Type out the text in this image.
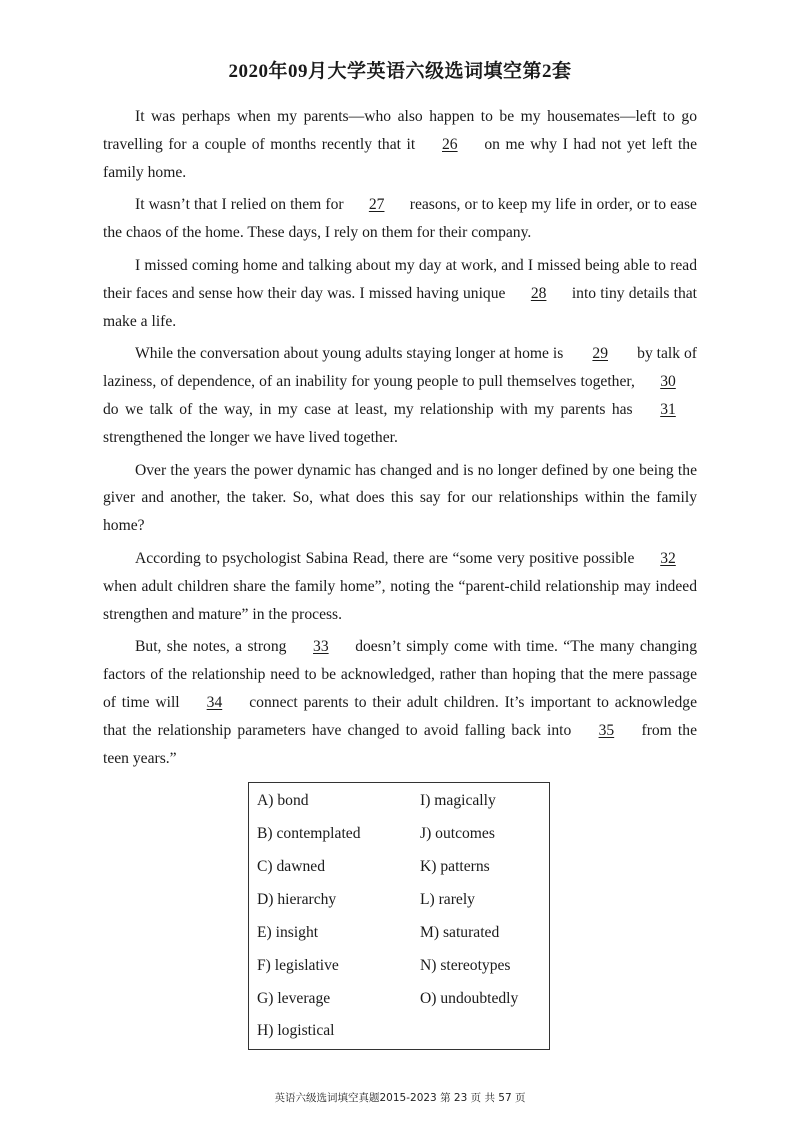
2020年09月大学英语六级选词填空第2套

It was perhaps when my parents—who also happen to be my housemates—left to go travelling for a couple of months recently that it 26 on me why I had not yet left the family home.

It wasn’t that I relied on them for 27 reasons, or to keep my life in order, or to ease the chaos of the home. These days, I rely on them for their company.

I missed coming home and talking about my day at work, and I missed being able to read their faces and sense how their day was. I missed having unique 28 into tiny details that make a life.

While the conversation about young adults staying longer at home is 29 by talk of laziness, of dependence, of an inability for young people to pull themselves together, 30 do we talk of the way, in my case at least, my relationship with my parents has 31 strengthened the longer we have lived together.

Over the years the power dynamic has changed and is no longer defined by one being the giver and another, the taker. So, what does this say for our relationships within the family home?

According to psychologist Sabina Read, there are “some very positive possible 32 when adult children share the family home”, noting the “parent-child relationship may indeed strengthen and mature” in the process.

But, she notes, a strong 33 doesn’t simply come with time. “The many changing factors of the relationship need to be acknowledged, rather than hoping that the mere passage of time will 34 connect parents to their adult children. It’s important to acknowledge that the relationship parameters have changed to avoid falling back into 35 from the teen years.”

A) bond
B) contemplated
C) dawned
D) hierarchy
E) insight
F) legislative
G) leverage
H) logistical
I) magically
J) outcomes
K) patterns
L) rarely
M) saturated
N) stereotypes
O) undoubtedly
英语六级选词填空真题2015-2023 第 23 页 共 57 页
